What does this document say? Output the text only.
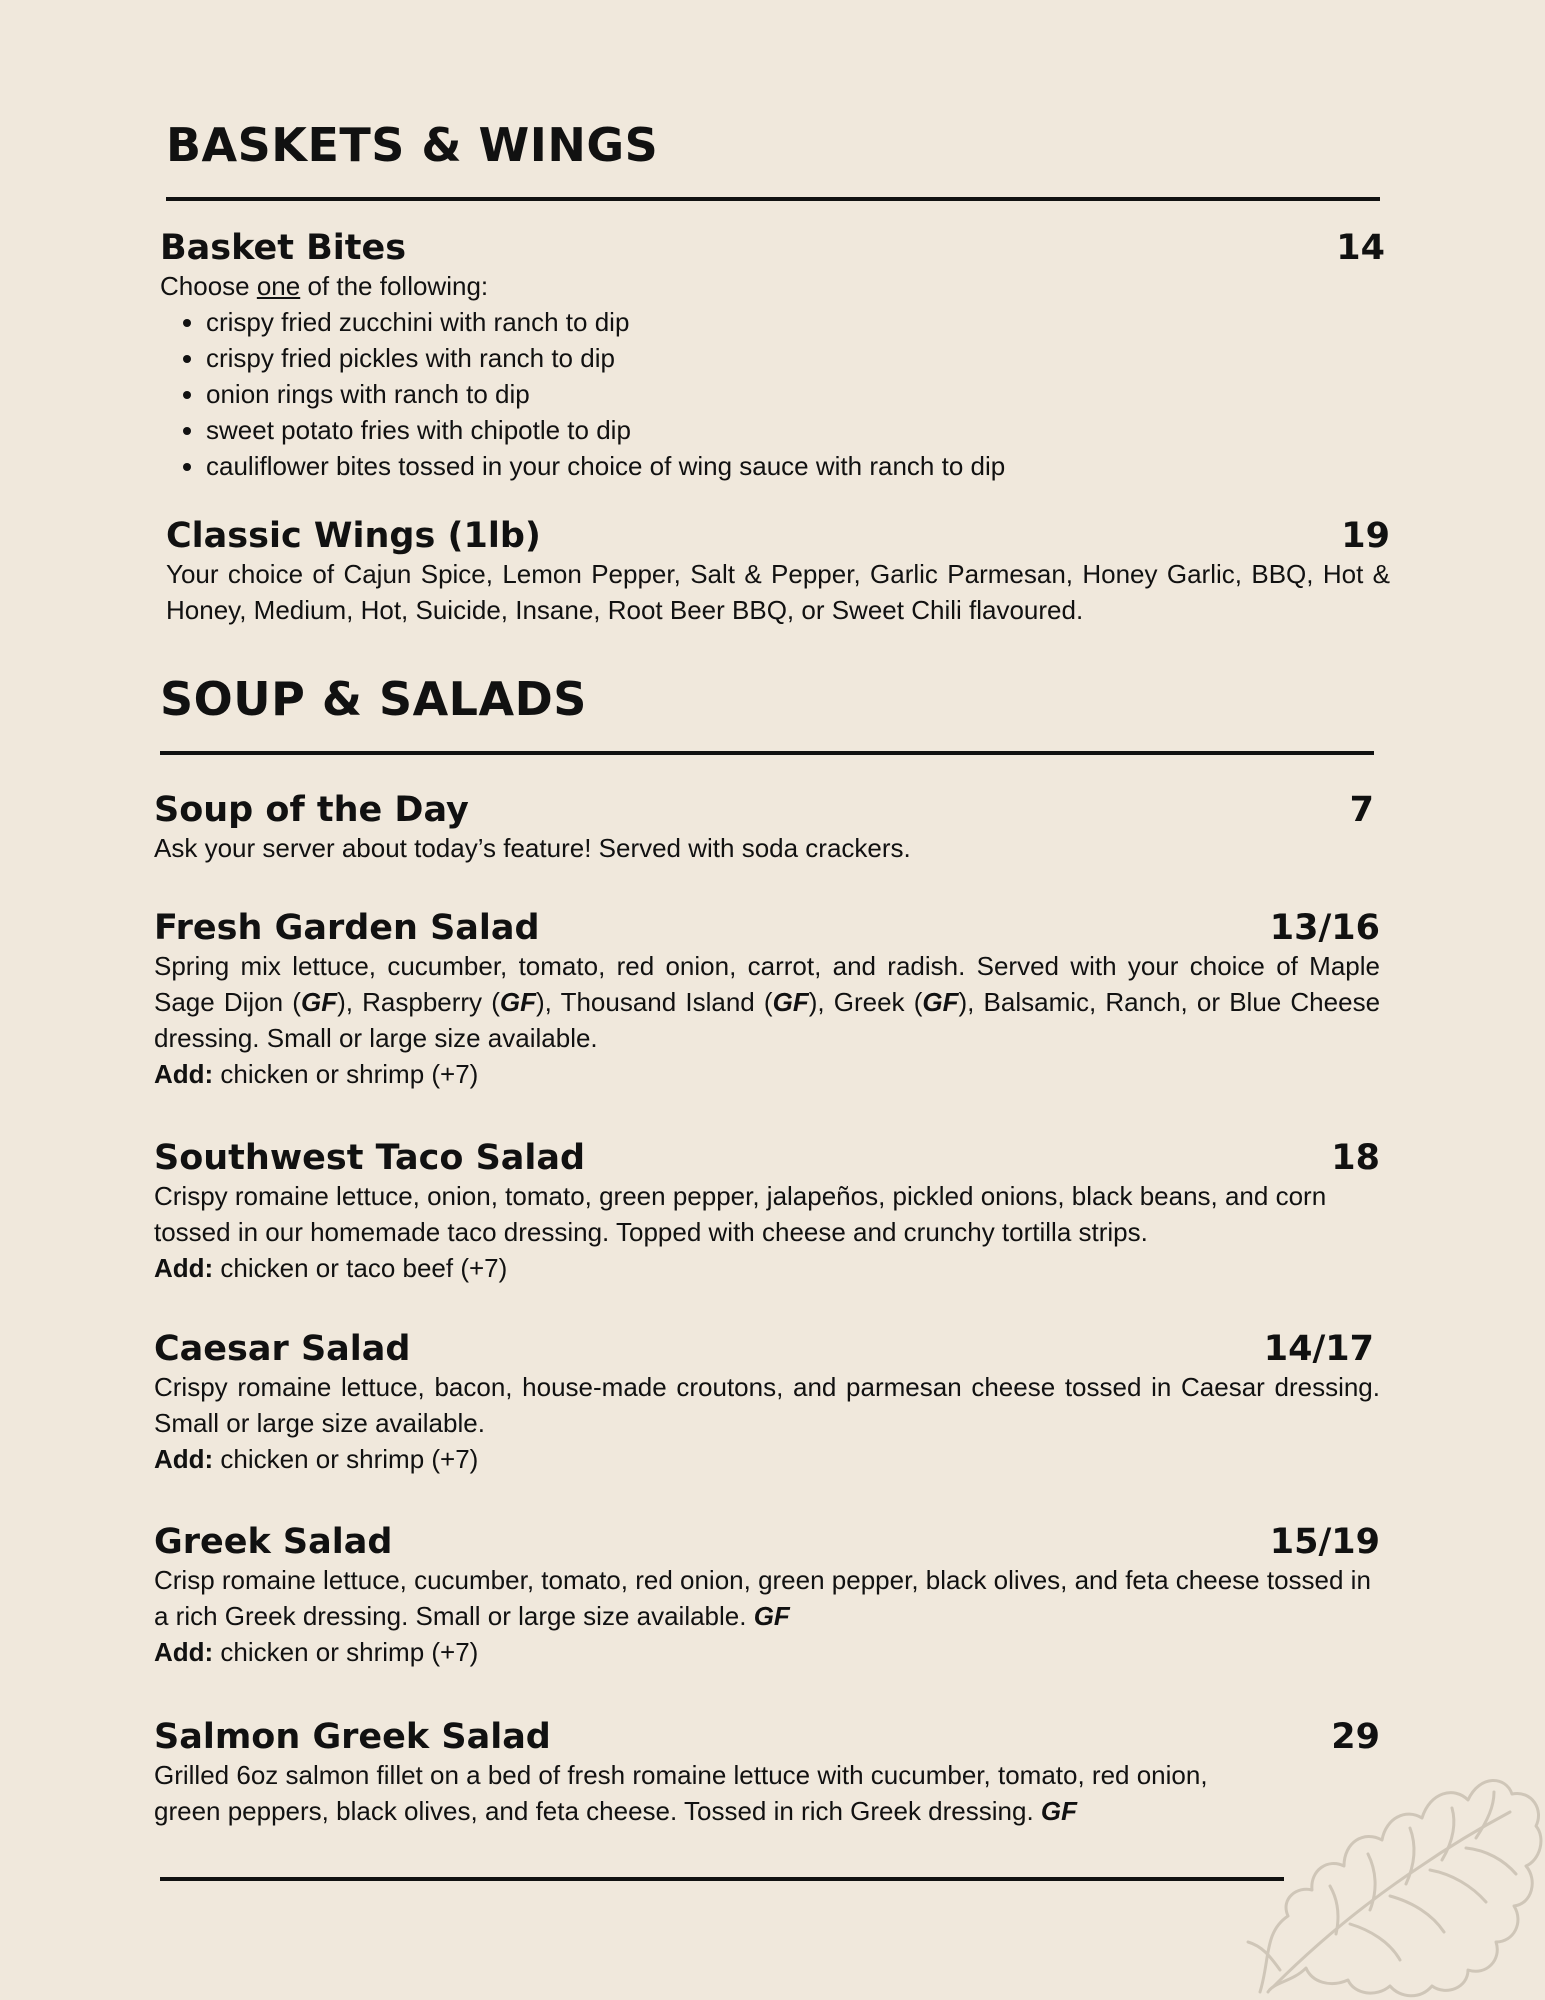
BASKETS & WINGS
Basket Bites	14

Choose one of the following:

• crispy fried zucchini with ranch to dip
• crispy fried pickles with ranch to dip
• onion rings with ranch to dip
• sweet potato fries with chipotle to dip
• cauliflower bites tossed in your choice of wing sauce with ranch to dip
Classic Wings (1lb)	19

Your choice of Cajun Spice, Lemon Pepper, Salt & Pepper, Garlic Parmesan, Honey Garlic, BBQ, Hot & Honey, Medium, Hot, Suicide, Insane, Root Beer BBQ, or Sweet Chili flavoured.

SOUP & SALADS
Soup of the Day	7

Ask your server about today’s feature! Served with soda crackers.

Fresh Garden Salad	13/16

Spring mix lettuce, cucumber, tomato, red onion, carrot, and radish. Served with your choice of Maple Sage Dijon (GF), Raspberry (GF), Thousand Island (GF), Greek (GF), Balsamic, Ranch, or Blue Cheese dressing. Small or large size available.

Add: chicken or shrimp (+7)
Southwest Taco Salad	18

Crispy romaine lettuce, onion, tomato, green pepper, jalapeños, pickled onions, black beans, and corn tossed in our homemade taco dressing. Topped with cheese and crunchy tortilla strips.

Add: chicken or taco beef (+7)
Caesar Salad	14/17

Crispy romaine lettuce, bacon, house-made croutons, and parmesan cheese tossed in Caesar dressing. Small or large size available.

Add: chicken or shrimp (+7)
Greek Salad	15/19

Crisp romaine lettuce, cucumber, tomato, red onion, green pepper, black olives, and feta cheese tossed in a rich Greek dressing. Small or large size available. GF

Add: chicken or shrimp (+7)
Salmon Greek Salad	29

Grilled 6oz salmon fillet on a bed of fresh romaine lettuce with cucumber, tomato, red onion, green peppers, black olives, and feta cheese. Tossed in rich Greek dressing. GF
